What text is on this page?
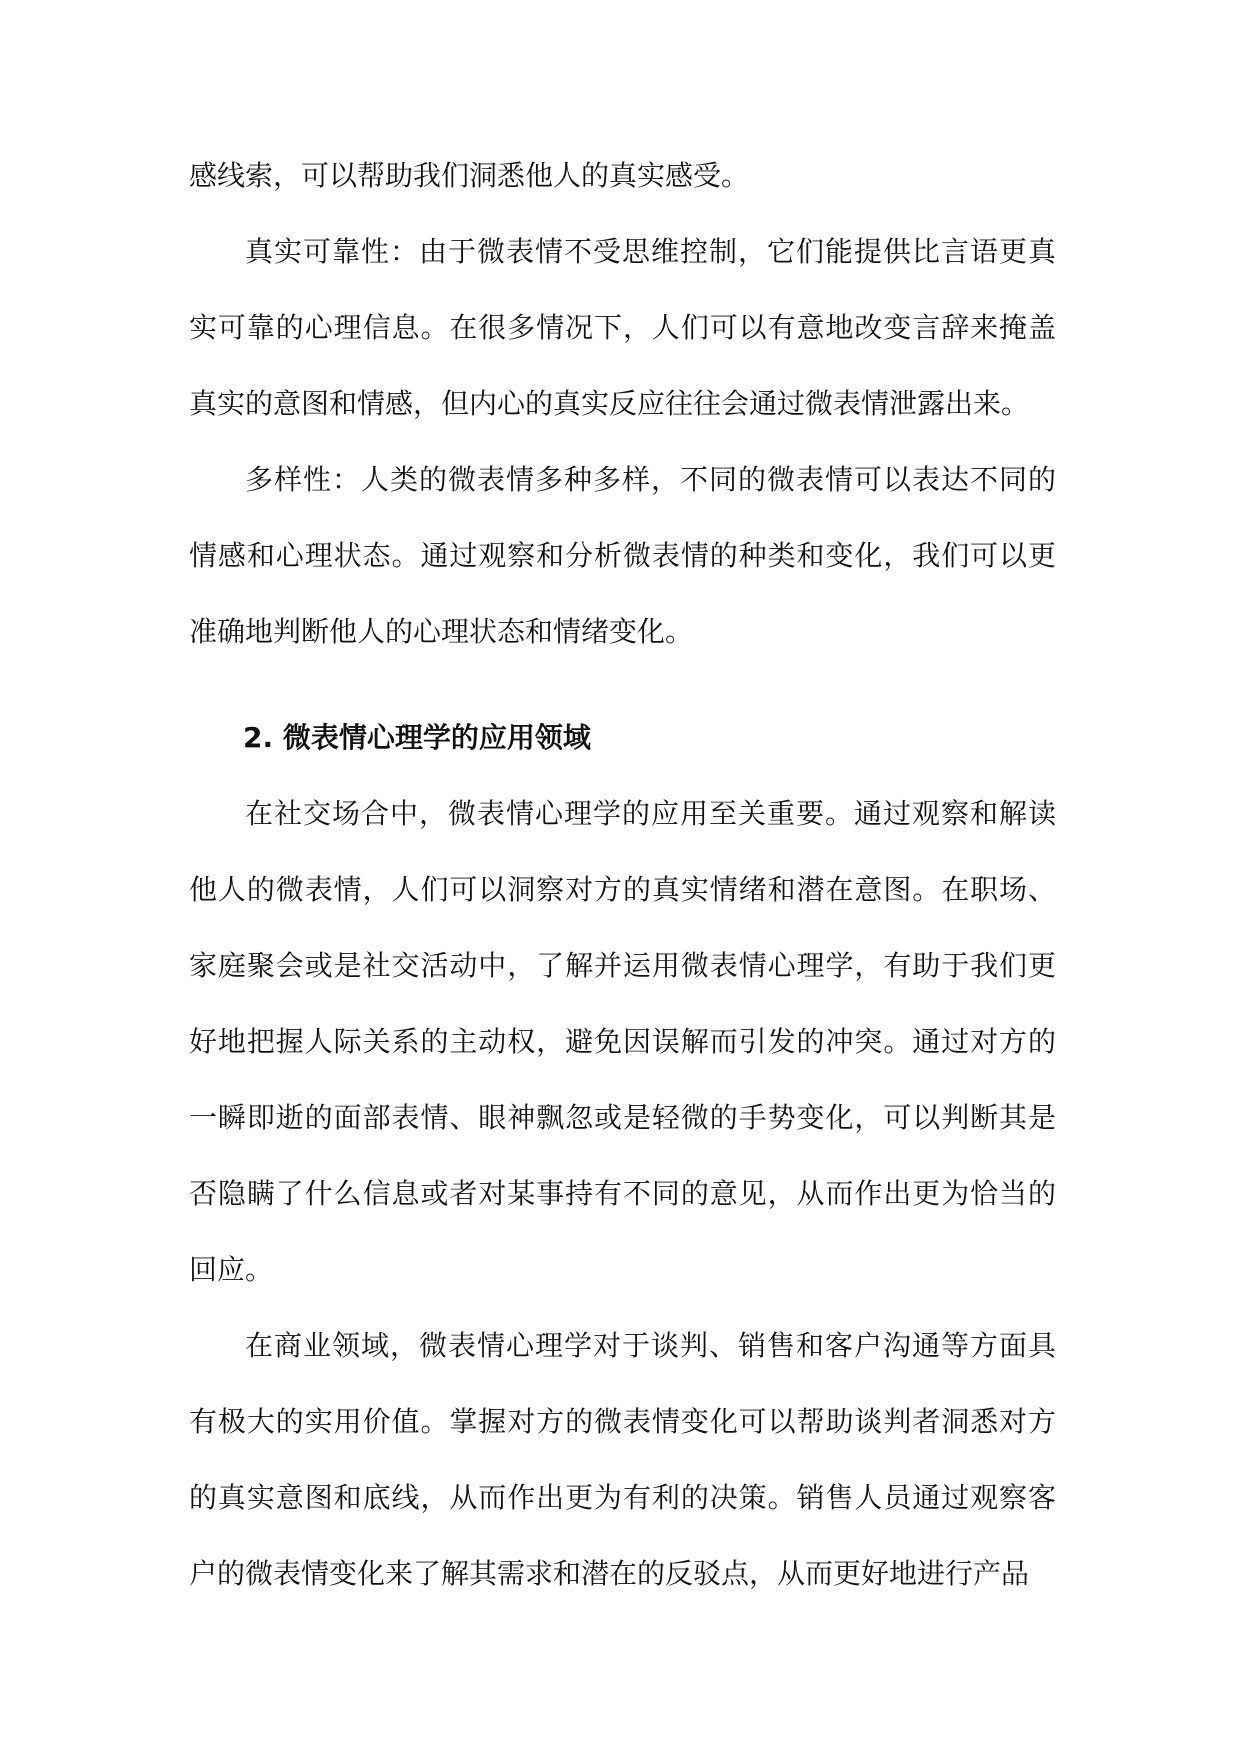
感线索，可以帮助我们洞悉他人的真实感受。

真实可靠性：由于微表情不受思维控制，它们能提供比言语更真实可靠的心理信息。在很多情况下，人们可以有意地改变言辞来掩盖真实的意图和情感，但内心的真实反应往往会通过微表情泄露出来。

多样性：人类的微表情多种多样，不同的微表情可以表达不同的情感和心理状态。通过观察和分析微表情的种类和变化，我们可以更准确地判断他人的心理状态和情绪变化。

2. 微表情心理学的应用领域

在社交场合中，微表情心理学的应用至关重要。通过观察和解读他人的微表情，人们可以洞察对方的真实情绪和潜在意图。在职场、家庭聚会或是社交活动中，了解并运用微表情心理学，有助于我们更好地把握人际关系的主动权，避免因误解而引发的冲突。通过对方的一瞬即逝的面部表情、眼神飘忽或是轻微的手势变化，可以判断其是否隐瞒了什么信息或者对某事持有不同的意见，从而作出更为恰当的回应。

在商业领域，微表情心理学对于谈判、销售和客户沟通等方面具有极大的实用价值。掌握对方的微表情变化可以帮助谈判者洞悉对方的真实意图和底线，从而作出更为有利的决策。销售人员通过观察客户的微表情变化来了解其需求和潜在的反驳点，从而更好地进行产品
